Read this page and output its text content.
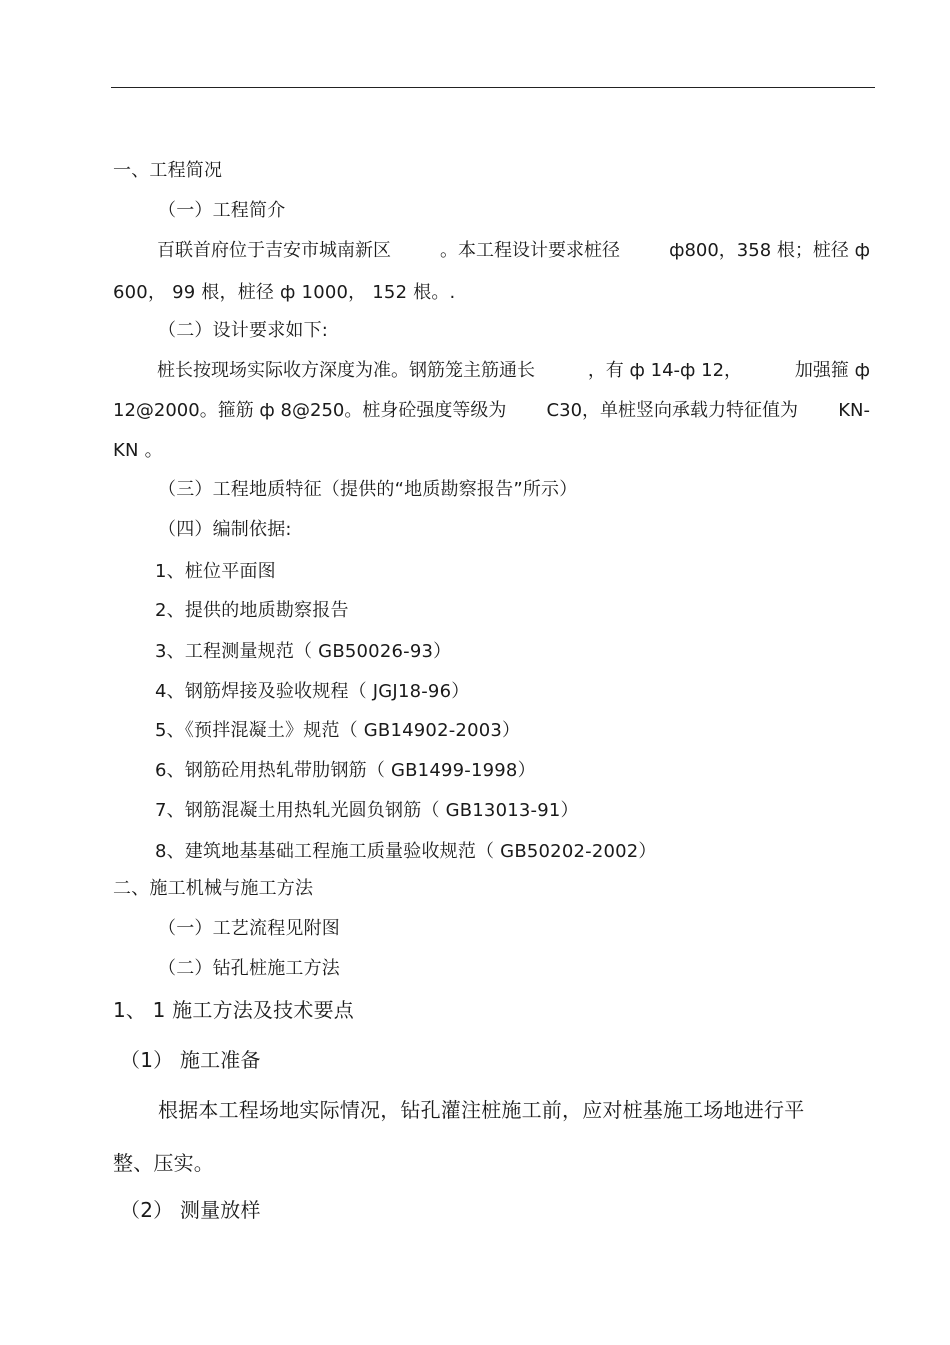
一、工程简况
（一）工程简介
百联首府位于吉安市城南新区	。本工程设计要求桩径	ф800，358 根；桩径 ф
600， 99 根，桩径 ф 1000， 152 根。.
（二）设计要求如下:
桩长按现场实际收方深度为准。钢筋笼主筋通长	，有 ф 14-ф 12，	加强箍 ф
12@2000。箍筋 ф 8@250。桩身砼强度等级为 C30，单桩竖向承载力特征值为 KN-
KN 。
（三）工程地质特征（提供的“地质勘察报告”所示）
（四）编制依据:
1、桩位平面图
2、提供的地质勘察报告
3、工程测量规范（ GB50026-93）
4、钢筋焊接及验收规程（ JGJ18-96）
5、《预拌混凝土》规范（ GB14902-2003）
6、钢筋砼用热轧带肋钢筋（ GB1499-1998）
7、钢筋混凝土用热轧光圆负钢筋（ GB13013-91）
8、建筑地基基础工程施工质量验收规范（ GB50202-2002）
二、施工机械与施工方法
（一）工艺流程见附图
（二）钻孔桩施工方法
1、 1 施工方法及技术要点
（1） 施工准备
根据本工程场地实际情况，钻孔灌注桩施工前，应对桩基施工场地进行平
整、压实。
（2） 测量放样
